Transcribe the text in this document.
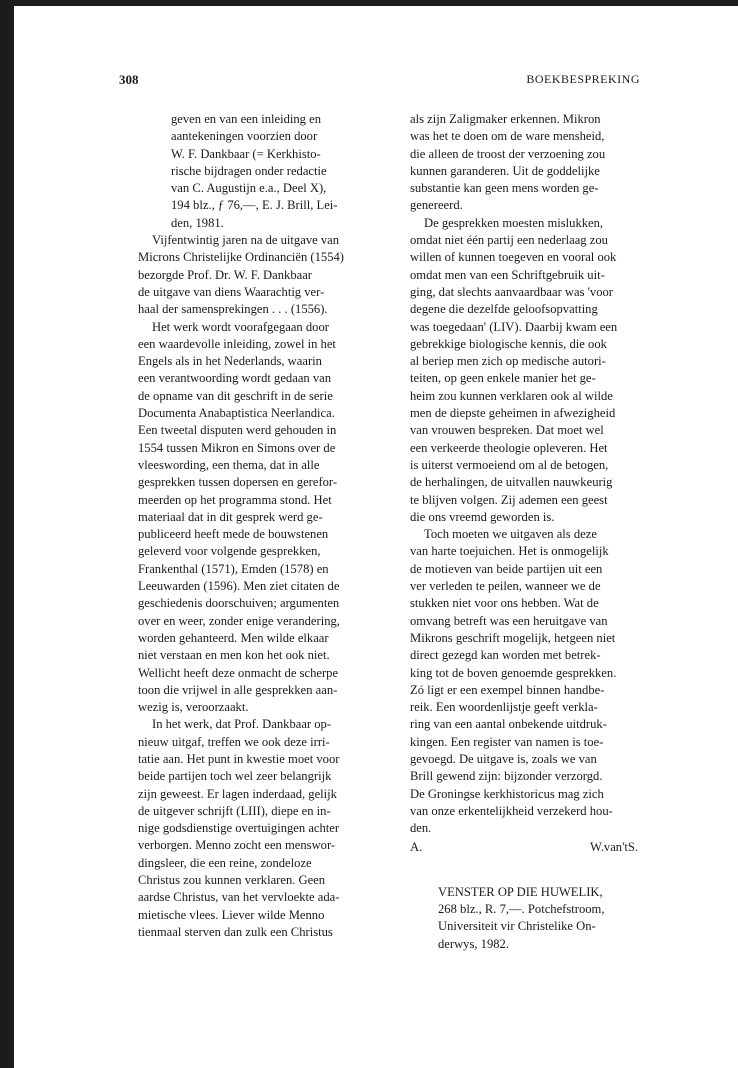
308	BOEKBESPREKING
geven en van een inleiding en
aantekeningen voorzien door
W. F. Dankbaar (= Kerkhisto-
rische bijdragen onder redactie
van C. Augustijn e.a., Deel X),
194 blz., ƒ 76,—, E. J. Brill, Lei-
den, 1981.

Vijfentwintig jaren na de uitgave van
Microns Christelijke Ordinanciën (1554)
bezorgde Prof. Dr. W. F. Dankbaar
de uitgave van diens Waarachtig ver-
haal der samensprekingen . . . (1556).

Het werk wordt voorafgegaan door
een waardevolle inleiding, zowel in het
Engels als in het Nederlands, waarin
een verantwoording wordt gedaan van
de opname van dit geschrift in de serie
Documenta Anabaptistica Neerlandica.
Een tweetal disputen werd gehouden in
1554 tussen Mikron en Simons over de
vleeswording, een thema, dat in alle
gesprekken tussen dopersen en gerefor-
meerden op het programma stond. Het
materiaal dat in dit gesprek werd ge-
publiceerd heeft mede de bouwstenen
geleverd voor volgende gesprekken,
Frankenthal (1571), Emden (1578) en
Leeuwarden (1596). Men ziet citaten de
geschiedenis doorschuiven; argumenten
over en weer, zonder enige verandering,
worden gehanteerd. Men wilde elkaar
niet verstaan en men kon het ook niet.
Wellicht heeft deze onmacht de scherpe
toon die vrijwel in alle gesprekken aan-
wezig is, veroorzaakt.

In het werk, dat Prof. Dankbaar op-
nieuw uitgaf, treffen we ook deze irri-
tatie aan. Het punt in kwestie moet voor
beide partijen toch wel zeer belangrijk
zijn geweest. Er lagen inderdaad, gelijk
de uitgever schrijft (LIII), diepe en in-
nige godsdienstige overtuigingen achter
verborgen. Menno zocht een menswor-
dingsleer, die een reine, zondeloze
Christus zou kunnen verklaren. Geen
aardse Christus, van het vervloekte ada-
mietische vlees. Liever wilde Menno
tienmaal sterven dan zulk een Christus

als zijn Zaligmaker erkennen. Mikron
was het te doen om de ware mensheid,
die alleen de troost der verzoening zou
kunnen garanderen. Uit de goddelijke
substantie kan geen mens worden ge-
genereerd.

De gesprekken moesten mislukken,
omdat niet één partij een nederlaag zou
willen of kunnen toegeven en vooral ook
omdat men van een Schriftgebruik uit-
ging, dat slechts aanvaardbaar was 'voor
degene die dezelfde geloofsopvatting
was toegedaan' (LIV). Daarbij kwam een
gebrekkige biologische kennis, die ook
al beriep men zich op medische autori-
teiten, op geen enkele manier het ge-
heim zou kunnen verklaren ook al wilde
men de diepste geheimen in afwezigheid
van vrouwen bespreken. Dat moet wel
een verkeerde theologie opleveren. Het
is uiterst vermoeiend om al de betogen,
de herhalingen, de uitvallen nauwkeurig
te blijven volgen. Zij ademen een geest
die ons vreemd geworden is.

Toch moeten we uitgaven als deze
van harte toejuichen. Het is onmogelijk
de motieven van beide partijen uit een
ver verleden te peilen, wanneer we de
stukken niet voor ons hebben. Wat de
omvang betreft was een heruitgave van
Mikrons geschrift mogelijk, hetgeen niet
direct gezegd kan worden met betrek-
king tot de boven genoemde gesprekken.
Zó ligt er een exempel binnen handbe-
reik. Een woordenlijstje geeft verkla-
ring van een aantal onbekende uitdruk-
kingen. Een register van namen is toe-
gevoegd. De uitgave is, zoals we van
Brill gewend zijn: bijzonder verzorgd.
De Groningse kerkhistoricus mag zich
van onze erkentelijkheid verzekerd hou-
den.

A.	W.van'tS.
VENSTER OP DIE HUWELIK,
268 blz., R. 7,—. Potchefstroom,
Universiteit vir Christelike On-
derwys, 1982.
